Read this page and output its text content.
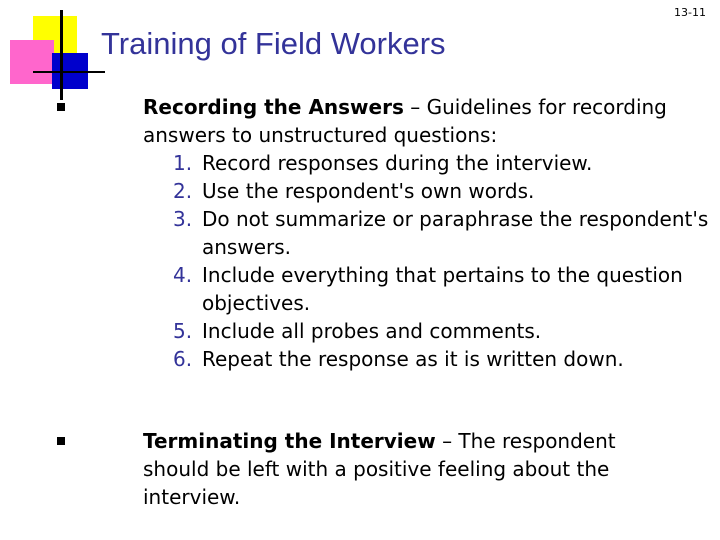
13-11
Training of Field Workers
Recording the Answers – Guidelines for recording answers to unstructured questions:
1. Record responses during the interview.
2. Use the respondent's own words.
3. Do not summarize or paraphrase the respondent's answers.
4. Include everything that pertains to the question objectives.
5. Include all probes and comments.
6. Repeat the response as it is written down.
Terminating the Interview – The respondent should be left with a positive feeling about the interview.
